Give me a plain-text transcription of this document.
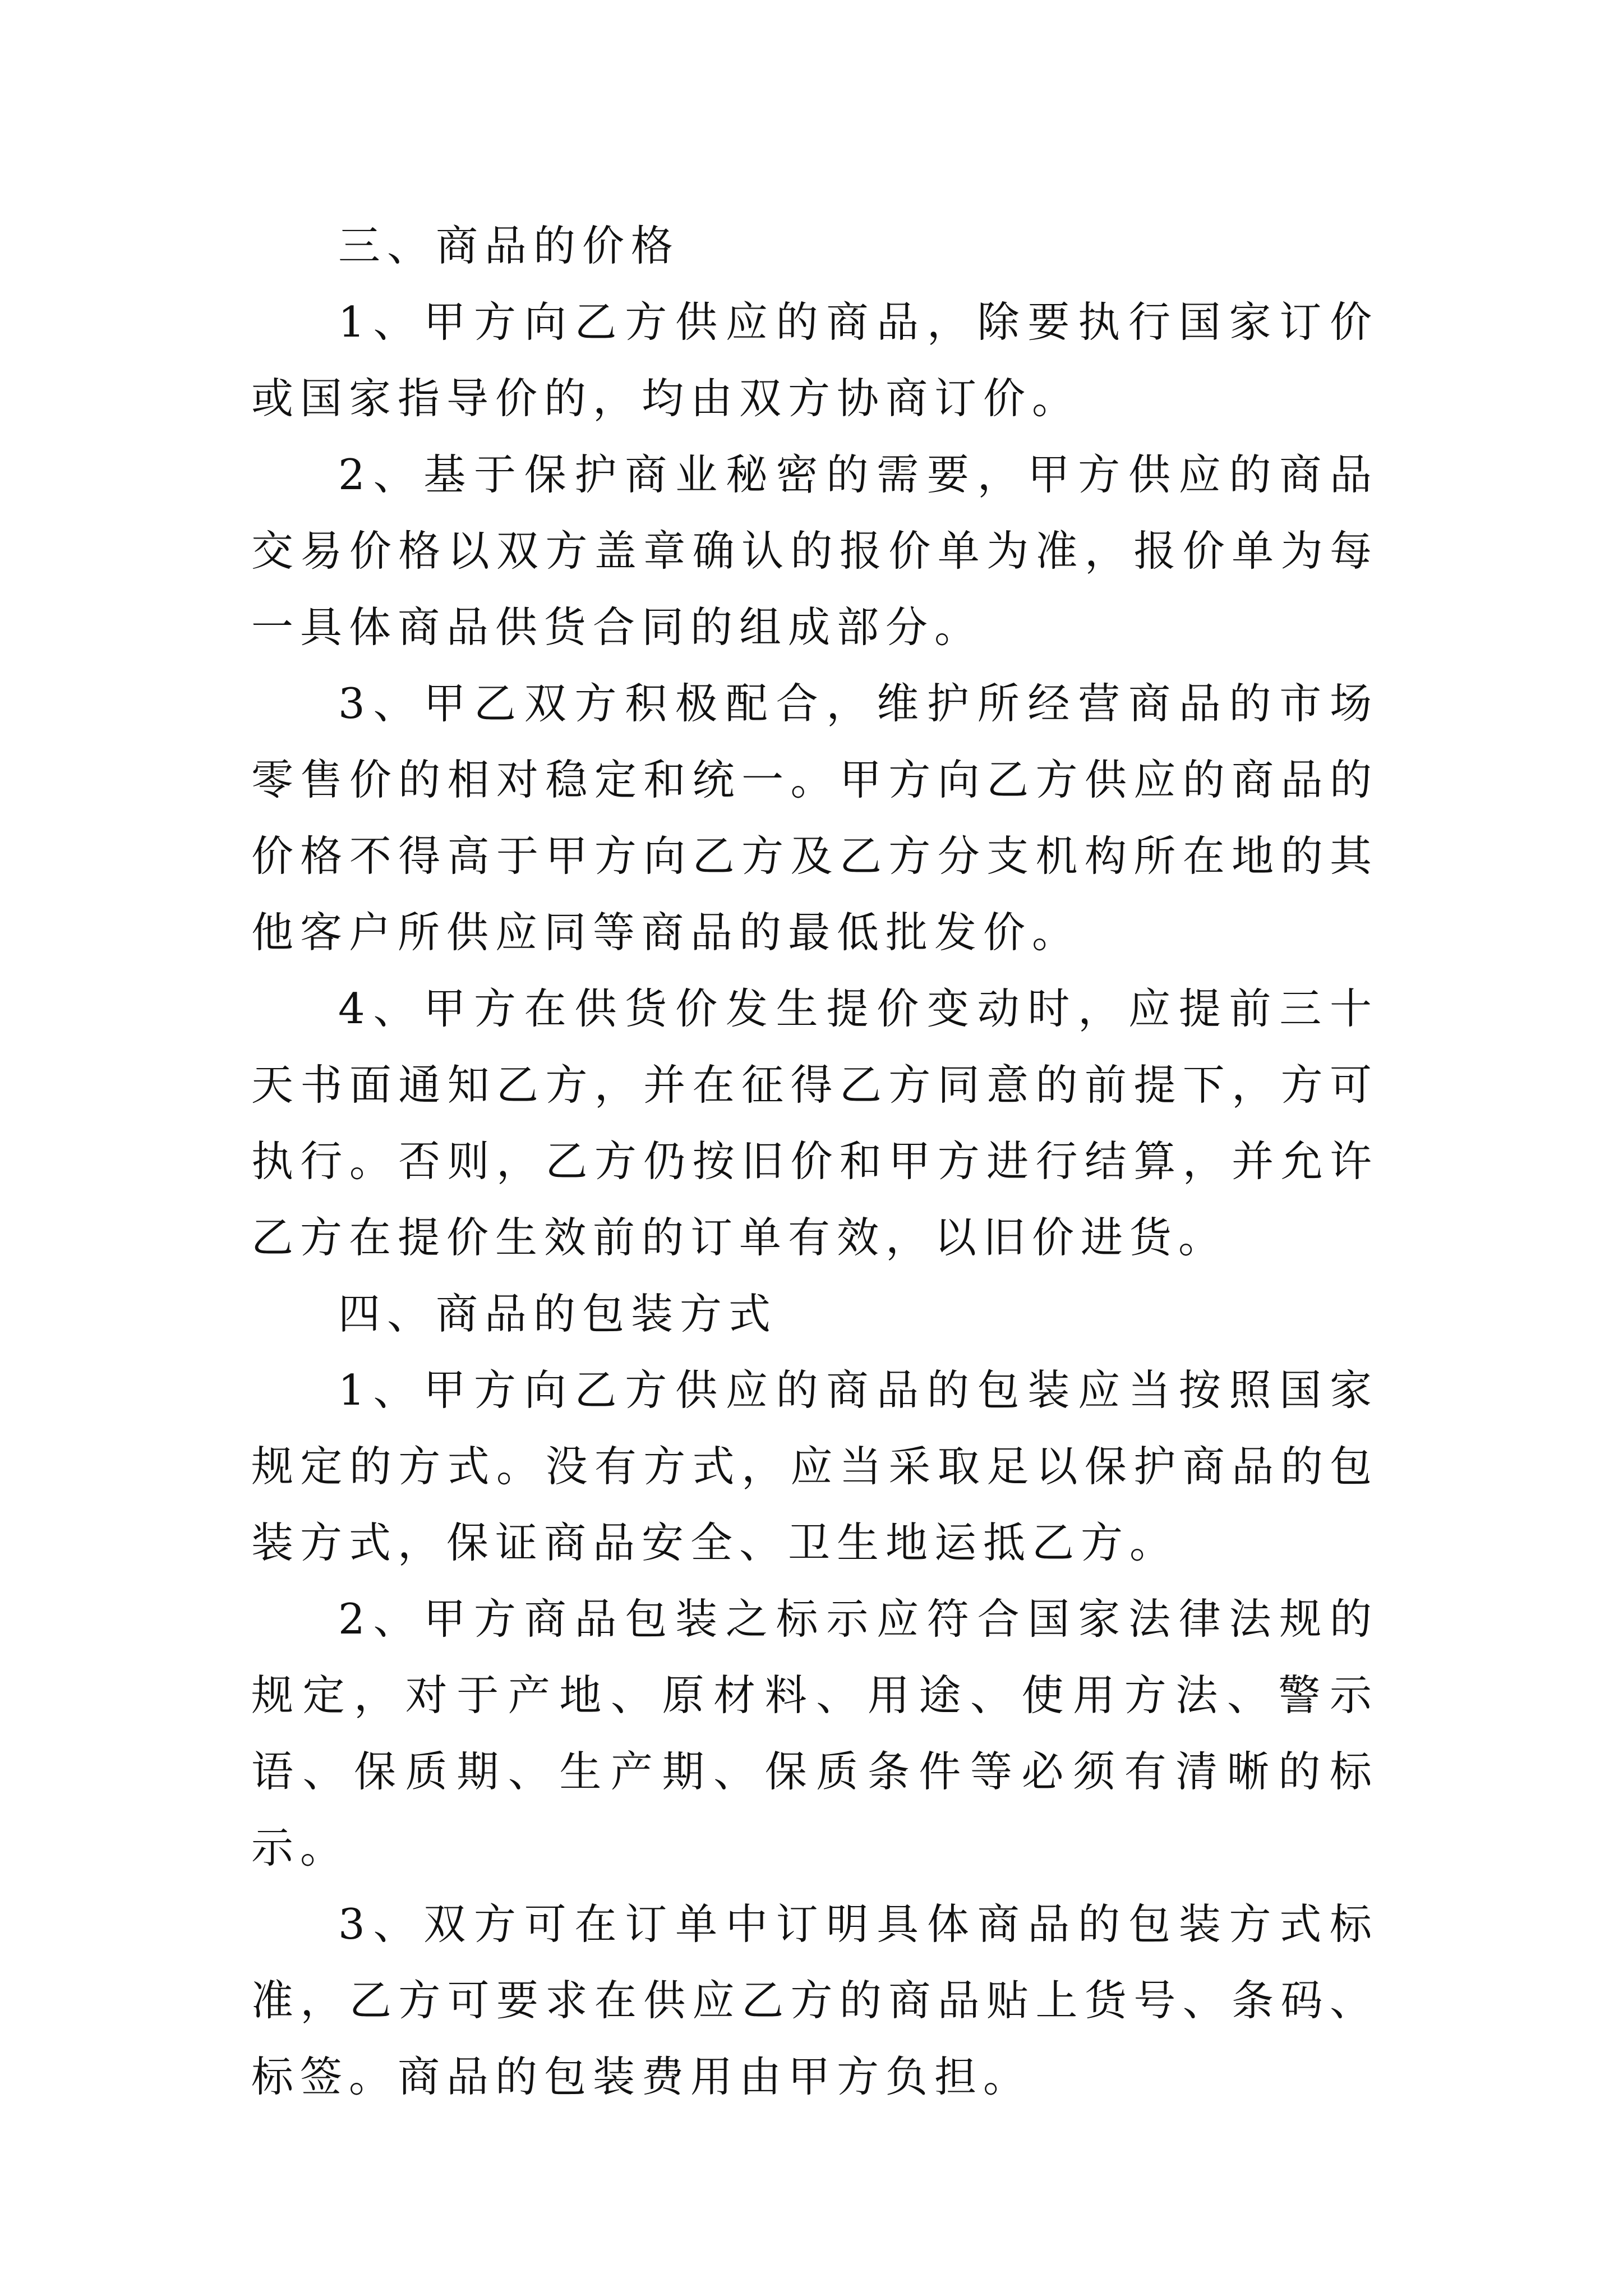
三、商品的价格

1、甲方向乙方供应的商品，除要执行国家订价或国家指导价的，均由双方协商订价。

2、基于保护商业秘密的需要，甲方供应的商品交易价格以双方盖章确认的报价单为准，报价单为每一具体商品供货合同的组成部分。

3、甲乙双方积极配合，维护所经营商品的市场零售价的相对稳定和统一。甲方向乙方供应的商品的价格不得高于甲方向乙方及乙方分支机构所在地的其他客户所供应同等商品的最低批发价。

4、甲方在供货价发生提价变动时，应提前三十天书面通知乙方，并在征得乙方同意的前提下，方可执行。否则，乙方仍按旧价和甲方进行结算，并允许乙方在提价生效前的订单有效，以旧价进货。

四、商品的包装方式

1、甲方向乙方供应的商品的包装应当按照国家规定的方式。没有方式，应当采取足以保护商品的包装方式，保证商品安全、卫生地运抵乙方。

2、甲方商品包装之标示应符合国家法律法规的规定，对于产地、原材料、用途、使用方法、警示语、保质期、生产期、保质条件等必须有清晰的标示。

3、双方可在订单中订明具体商品的包装方式标准，乙方可要求在供应乙方的商品贴上货号、条码、标签。商品的包装费用由甲方负担。
